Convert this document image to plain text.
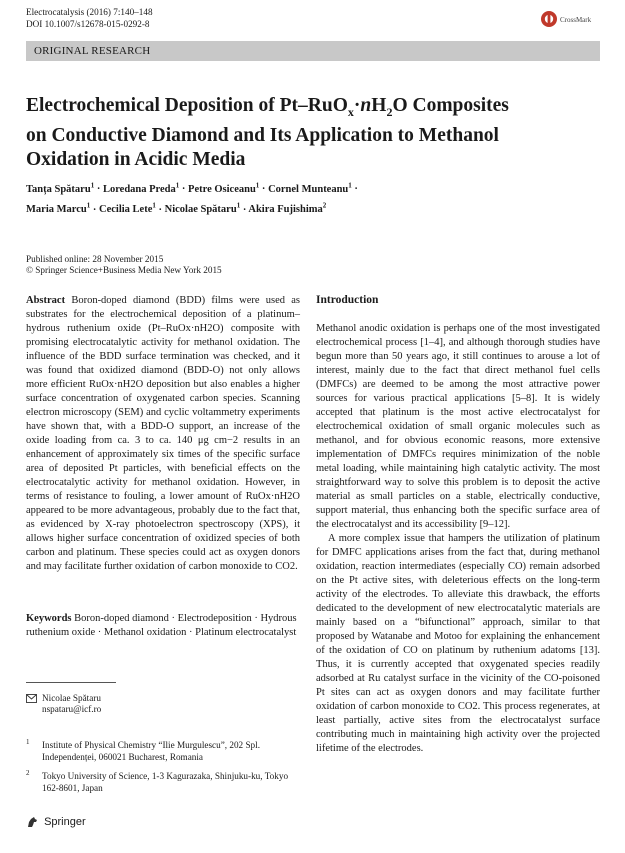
Electrocatalysis (2016) 7:140–148
DOI 10.1007/s12678-015-0292-8	CrossMark
ORIGINAL RESEARCH
Electrochemical Deposition of $Pt-RuO_x\cdot nH_2O$ Composites
on Conductive Diamond and Its Application to Methanol
Oxidation in Acidic Media
Tanța Spătaru$^1$ · Loredana Preda$^1$ · Petre Osiceanu$^1$ · Cornel Munteanu$^1$ ·
Maria Marcu$^1$ · Cecilia Lete$^1$ · Nicolae Spătaru$^1$ · Akira Fujishima$^2$
Published online: 28 November 2015
© Springer Science+Business Media New York 2015
Abstract Boron-doped diamond (BDD) films were used as substrates for the electrochemical deposition of a platinum–hydrous ruthenium oxide (Pt–RuOx·nH2O) composite with promising electrocatalytic activity for methanol oxidation. The influence of the BDD surface termination was checked, and it was found that oxidized diamond (BDD-O) not only allows more efficient RuOx·nH2O deposition but also enables a higher surface concentration of oxygenated carbon species. Scanning electron microscopy (SEM) and cyclic voltammetry experiments have shown that, with a BDD-O support, an increase of the oxide loading from ca. 3 to ca. 140 μg cm−2 results in an enhancement of approximately six times of the specific surface area of deposited Pt particles, with beneficial effects on the electrocatalytic activity for methanol oxidation. However, in terms of resistance to fouling, a lower amount of RuOx·nH2O appeared to be more advantageous, probably due to the fact that, as evidenced by X-ray photoelectron spectroscopy (XPS), it allows higher surface concentration of oxidized species of both carbon and platinum. These species could act as oxygen donors and may facilitate further oxidation of carbon monoxide to CO2.
Keywords Boron-doped diamond · Electrodeposition · Hydrous ruthenium oxide · Methanol oxidation · Platinum electrocatalyst
Nicolae Spătaru
nspataru@icf.ro
1 Institute of Physical Chemistry “Ilie Murgulescu”, 202 Spl. Independenței, 060021 Bucharest, Romania
2 Tokyo University of Science, 1-3 Kagurazaka, Shinjuku-ku, Tokyo 162-8601, Japan
Introduction

Methanol anodic oxidation is perhaps one of the most investigated electrochemical process [1–4], and although thorough studies have begun more than 50 years ago, it still continues to arouse a lot of interest, mainly due to the fact that direct methanol fuel cells (DMFCs) are deemed to be among the most attractive power sources for various practical applications [5–8]. It is widely accepted that platinum is the most active electrocatalyst for electrochemical oxidation of small organic molecules such as methanol, and for obvious economic reasons, more extensive implementation of DMFCs requires minimization of the noble metal loading, while maintaining high catalytic activity. The most straightforward way to solve this problem is to deposit the active material as small particles on a stable, electrically conductive, support material, thus enhancing both the specific surface area of the electrocatalyst and its accessibility [9–12].

A more complex issue that hampers the utilization of platinum for DMFC applications arises from the fact that, during methanol oxidation, reaction intermediates (especially CO) remain adsorbed on the Pt active sites, with deleterious effects on the long-term activity of the electrodes. To alleviate this drawback, the efforts dedicated to the development of new electrocatalytic materials are mainly based on a “bifunctional” approach, similar to that proposed by Watanabe and Motoo for explaining the enhancement of the oxidation of CO on platinum by ruthenium adatoms [13]. Thus, it is currently accepted that oxygenated species readily adsorbed at Ru catalyst surface in the vicinity of the CO-poisoned Pt sites can act as oxygen donors and may facilitate further oxidation of carbon monoxide to CO2. This process regenerates, at least partially, active sites from the electrocatalyst surface contributing much in maintaining high activity over the projected lifetime of the electrodes.

Springer
